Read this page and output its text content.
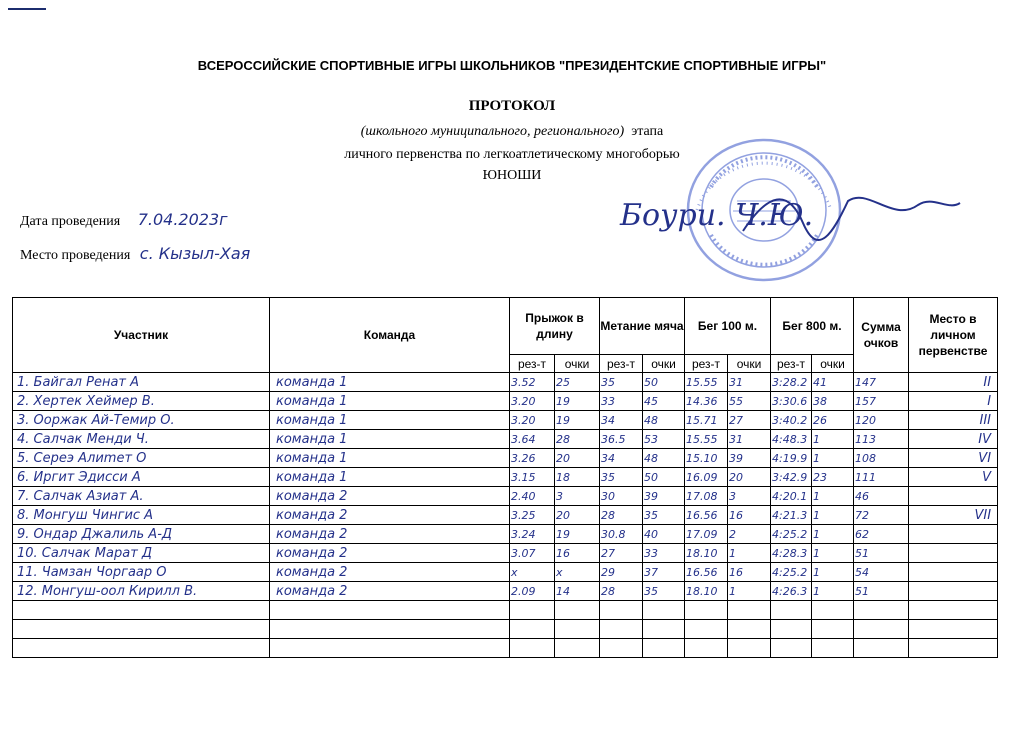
ВСЕРОССИЙСКИЕ СПОРТИВНЫЕ ИГРЫ ШКОЛЬНИКОВ "ПРЕЗИДЕНТСКИЕ СПОРТИВНЫЕ ИГРЫ"
ПРОТОКОЛ
(школьного муниципального, регионального) этапа
личного первенства по легкоатлетическому многоборью
ЮНОШИ
Дата проведения 7.04.2023г
Место проведения с. Кызыл-Хая
Боури. Ч.Ю.
Участник	Команда	Прыжок в длину		Метание мяча		Бег 100 м.		Бег 800 м.		Сумма очков	Место в личном первенстве
		рез-т	очки	рез-т	очки	рез-т	очки	рез-т	очки		
1. Байгал Ренат А	команда 1	3.52	25	35	50	15.55	31	3:28.2	41	147	II
2. Хертек Хеймер В.	команда 1	3.20	19	33	45	14.36	55	3:30.6	38	157	I
3. Ооржак Ай-Темир О.	команда 1	3.20	19	34	48	15.71	27	3:40.2	26	120	III
4. Салчак Менди Ч.	команда 1	3.64	28	36.5	53	15.55	31	4:48.3	1	113	IV
5. Сереэ Алиmет О	команда 1	3.26	20	34	48	15.10	39	4:19.9	1	108	VI
6. Иргит Эдисси А	команда 1	3.15	18	35	50	16.09	20	3:42.9	23	111	V
7. Салчак Азиат А.	команда 2	2.40	3	30	39	17.08	3	4:20.1	1	46	
8. Монгуш Чингис А	команда 2	3.25	20	28	35	16.56	16	4:21.3	1	72	VII
9. Ондар Джалиль А-Д	команда 2	3.24	19	30.8	40	17.09	2	4:25.2	1	62	
10. Салчак Марат Д	команда 2	3.07	16	27	33	18.10	1	4:28.3	1	51	
11. Чамзан Чоргаар О	команда 2	х	х	29	37	16.56	16	4:25.2	1	54	
12. Монгуш-оол Кирилл В.	команда 2	2.09	14	28	35	18.10	1	4:26.3	1	51	
